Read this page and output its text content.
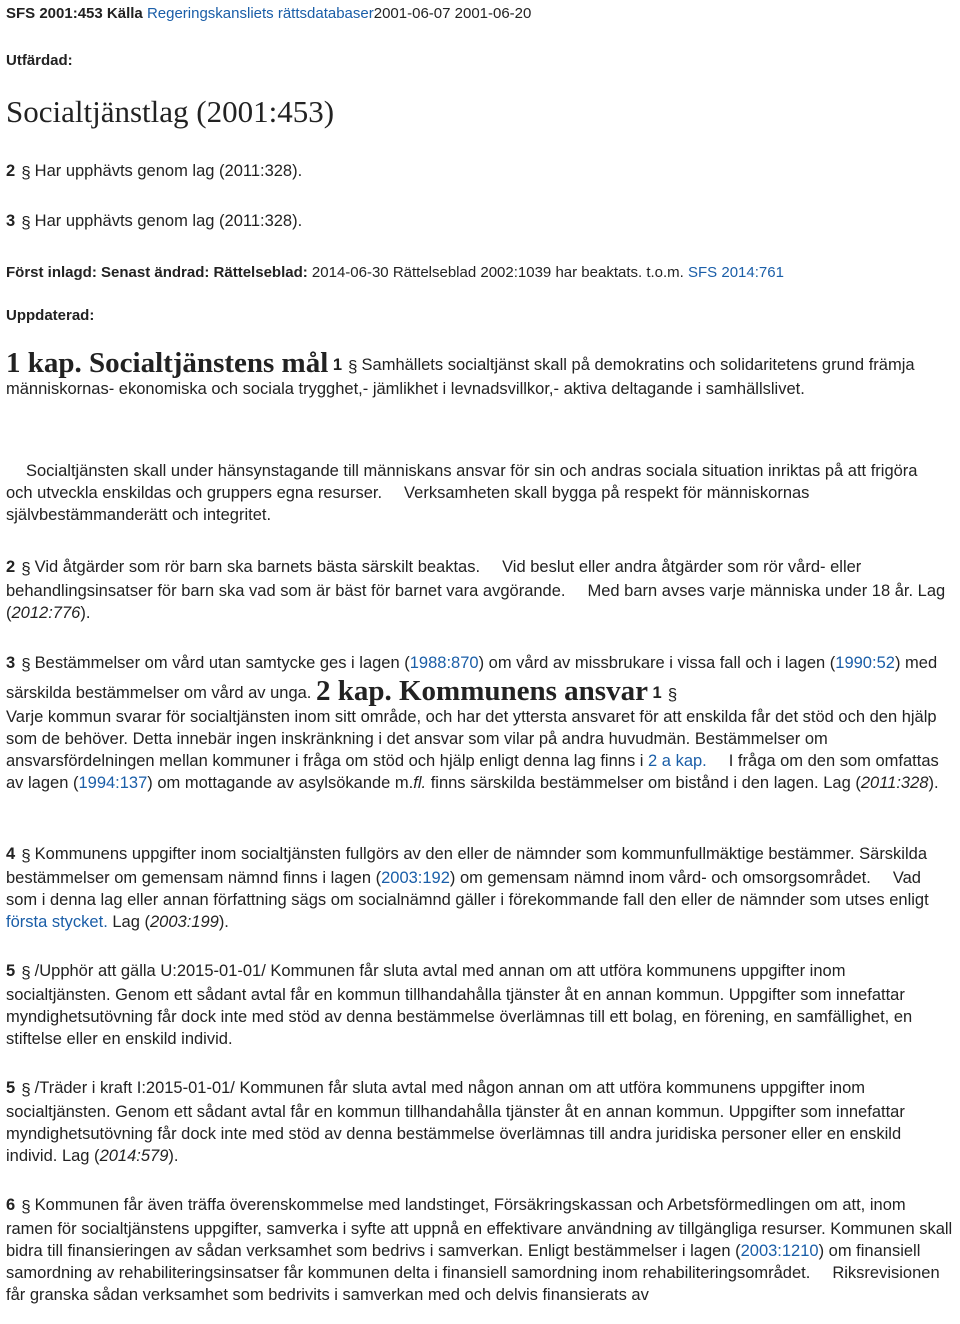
SFS 2001:453 Källa Regeringskansliets rättsdatabaser2001-06-07 2001-06-20
Utfärdad:
Socialtjänstlag (2001:453)
2 § Har upphävts genom lag (2011:328).
3 § Har upphävts genom lag (2011:328).
Först inlagd: Senast ändrad: Rättelseblad: 2014-06-30 Rättelseblad 2002:1039 har beaktats. t.o.m. SFS 2014:761
Uppdaterad:

1 kap. Socialtjänstens mål 1 § Samhällets socialtjänst skall på demokratins och solidaritetens grund främja människornas- ekonomiska och sociala trygghet,- jämlikhet i levnadsvillkor,- aktiva deltagande i samhällslivet.

Socialtjänsten skall under hänsynstagande till människans ansvar för sin och andras sociala situation inriktas på att frigöra och utveckla enskildas och gruppers egna resurser. Verksamheten skall bygga på respekt för människornas självbestämmanderätt och integritet.

2 § Vid åtgärder som rör barn ska barnets bästa särskilt beaktas. Vid beslut eller andra åtgärder som rör vård- eller behandlingsinsatser för barn ska vad som är bäst för barnet vara avgörande. Med barn avses varje människa under 18 år. Lag (2012:776).

3 § Bestämmelser om vård utan samtycke ges i lagen (1988:870) om vård av missbrukare i vissa fall och i lagen (1990:52) med särskilda bestämmelser om vård av unga. 2 kap. Kommunens ansvar 1 §

Varje kommun svarar för socialtjänsten inom sitt område, och har det yttersta ansvaret för att enskilda får det stöd och den hjälp som de behöver. Detta innebär ingen inskränkning i det ansvar som vilar på andra huvudmän. Bestämmelser om ansvarsfördelningen mellan kommuner i fråga om stöd och hjälp enligt denna lag finns i 2 a kap. I fråga om den som omfattas av lagen (1994:137) om mottagande av asylsökande m.fl. finns särskilda bestämmelser om bistånd i den lagen. Lag (2011:328).

4 § Kommunens uppgifter inom socialtjänsten fullgörs av den eller de nämnder som kommunfullmäktige bestämmer. Särskilda bestämmelser om gemensam nämnd finns i lagen (2003:192) om gemensam nämnd inom vård- och omsorgsområdet. Vad som i denna lag eller annan författning sägs om socialnämnd gäller i förekommande fall den eller de nämnder som utses enligt första stycket. Lag (2003:199).

5 § /Upphör att gälla U:2015-01-01/ Kommunen får sluta avtal med annan om att utföra kommunens uppgifter inom socialtjänsten. Genom ett sådant avtal får en kommun tillhandahålla tjänster åt en annan kommun. Uppgifter som innefattar myndighetsutövning får dock inte med stöd av denna bestämmelse överlämnas till ett bolag, en förening, en samfällighet, en stiftelse eller en enskild individ.

5 § /Träder i kraft I:2015-01-01/ Kommunen får sluta avtal med någon annan om att utföra kommunens uppgifter inom socialtjänsten. Genom ett sådant avtal får en kommun tillhandahålla tjänster åt en annan kommun. Uppgifter som innefattar myndighetsutövning får dock inte med stöd av denna bestämmelse överlämnas till andra juridiska personer eller en enskild individ. Lag (2014:579).

6 § Kommunen får även träffa överenskommelse med landstinget, Försäkringskassan och Arbetsförmedlingen om att, inom ramen för socialtjänstens uppgifter, samverka i syfte att uppnå en effektivare användning av tillgängliga resurser. Kommunen skall bidra till finansieringen av sådan verksamhet som bedrivs i samverkan. Enligt bestämmelser i lagen (2003:1210) om finansiell samordning av rehabiliteringsinsatser får kommunen delta i finansiell samordning inom rehabiliteringsområdet. Riksrevisionen får granska sådan verksamhet som bedrivits i samverkan med och delvis finansierats av
